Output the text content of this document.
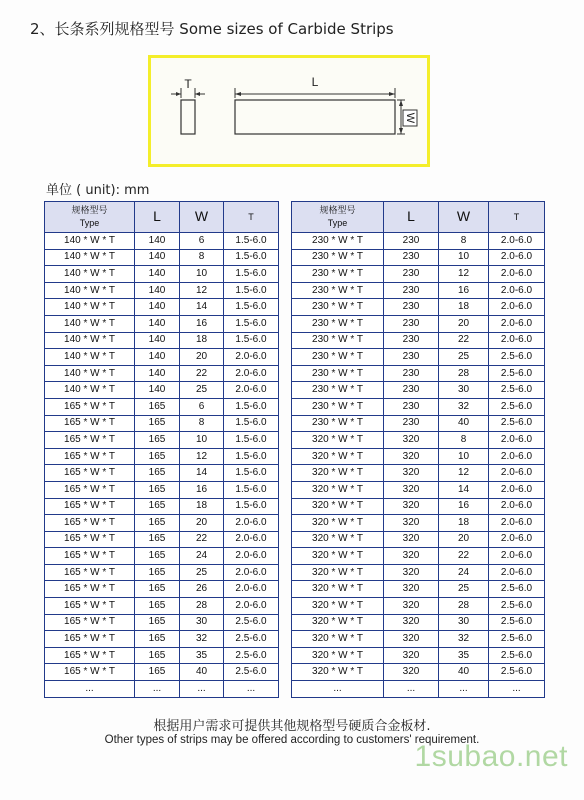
2、长条系列规格型号 Some sizes of Carbide Strips
T	L
W
单位 ( unit): mm
规格型号
Type	L	W	T
140 * W * T	140	6	1.5-6.0
140 * W * T	140	8	1.5-6.0
140 * W * T	140	10	1.5-6.0
140 * W * T	140	12	1.5-6.0
140 * W * T	140	14	1.5-6.0
140 * W * T	140	16	1.5-6.0
140 * W * T	140	18	1.5-6.0
140 * W * T	140	20	2.0-6.0
140 * W * T	140	22	2.0-6.0
140 * W * T	140	25	2.0-6.0
165 * W * T	165	6	1.5-6.0
165 * W * T	165	8	1.5-6.0
165 * W * T	165	10	1.5-6.0
165 * W * T	165	12	1.5-6.0
165 * W * T	165	14	1.5-6.0
165 * W * T	165	16	1.5-6.0
165 * W * T	165	18	1.5-6.0
165 * W * T	165	20	2.0-6.0
165 * W * T	165	22	2.0-6.0
165 * W * T	165	24	2.0-6.0
165 * W * T	165	25	2.0-6.0
165 * W * T	165	26	2.0-6.0
165 * W * T	165	28	2.0-6.0
165 * W * T	165	30	2.5-6.0
165 * W * T	165	32	2.5-6.0
165 * W * T	165	35	2.5-6.0
165 * W * T	165	40	2.5-6.0
...	...	...	...
规格型号
Type	L	W	T
230 * W * T	230	8	2.0-6.0
230 * W * T	230	10	2.0-6.0
230 * W * T	230	12	2.0-6.0
230 * W * T	230	16	2.0-6.0
230 * W * T	230	18	2.0-6.0
230 * W * T	230	20	2.0-6.0
230 * W * T	230	22	2.0-6.0
230 * W * T	230	25	2.5-6.0
230 * W * T	230	28	2.5-6.0
230 * W * T	230	30	2.5-6.0
230 * W * T	230	32	2.5-6.0
230 * W * T	230	40	2.5-6.0
320 * W * T	320	8	2.0-6.0
320 * W * T	320	10	2.0-6.0
320 * W * T	320	12	2.0-6.0
320 * W * T	320	14	2.0-6.0
320 * W * T	320	16	2.0-6.0
320 * W * T	320	18	2.0-6.0
320 * W * T	320	20	2.0-6.0
320 * W * T	320	22	2.0-6.0
320 * W * T	320	24	2.0-6.0
320 * W * T	320	25	2.5-6.0
320 * W * T	320	28	2.5-6.0
320 * W * T	320	30	2.5-6.0
320 * W * T	320	32	2.5-6.0
320 * W * T	320	35	2.5-6.0
320 * W * T	320	40	2.5-6.0
...	...	...	...
根据用户需求可提供其他规格型号硬质合金板材.
Other types of strips may be offered according to customers' requirement.
1subao.net
